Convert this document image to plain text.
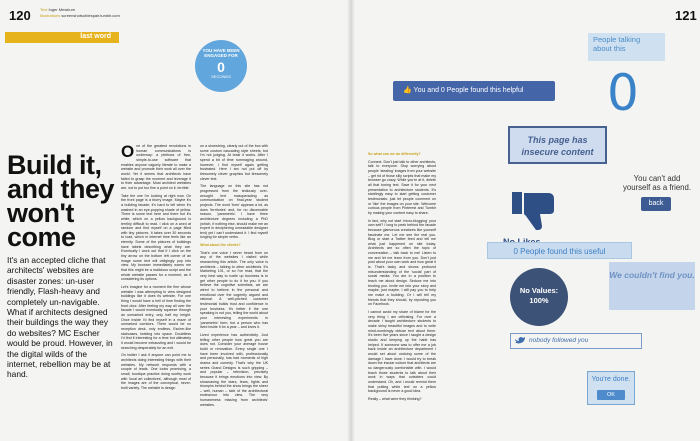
120 Text Inger Mewburn
Illustrations screenshotsofdespair.tumblr.com
last word
YOU HAVE BEEN ENGAGED FOR
0
SECONDS
Build it, and they won't come
It's an accepted cliche that architects' websites are disaster zones: un-user friendly, Flash-heavy and completely un-navigable. What if architects designed their buildings the way they do websites? MC Escher would be proud. However, in the digital wilds of the internet, rebellion may be at hand.
O ne of the greatest revolutions in human communications is underway: a plethora of free, simple-to-use software that enables anyone vaguely literate to make a website and promote their work all over the world. Yet it seems that architects have failed to grasp the moment and leverage it to their advantage. Most architect websites are, not to put too fine a point on it, terrible.

Take the one I'm looking at right now. On the front page is a blurry image. Maybe it's a building facade; it's hard to tell when it's washed in an eye-popping shade of yellow. There is some text here and there but it's white, which on a yellow background is terribly difficult to read. I click on a word at random and find myself on a page filled with tiny pictures. It takes over 30 seconds to load, which in internet time feels like an eternity. Some of the pictures of buildings have labels describing what they are. Eventually I work out that if I click on the tiny arrow on the bottom left corner of an image some text will obligingly pop into view. My browser immediately warns me that this might be a malicious script and the whole website passes for a moment, as if considering its options.

Let's imagine for a moment the firm whose website I was attempting to view designed buildings like it does its website. For one thing I would have a hell of time finding the front door. After feeling my way all over the facade I would eventually squeeze through an unmarked entry, only half my height. Once inside I'd find myself in a maze of unmarked corridors. There would be no reception desk, only endless, Escher-like staircases, twisting into space. Doubtless I'd find it interesting for a time but ultimately it would become exhausting and I would be searching desperately for an exit.

On twitter I ask if anyone can point me to architects doing interesting things with their websites. My network responds with a couple of leads. One looks promising, a small, boutique practice doing worthy work with 'local art collectives', although most of the images are of the conceptual, never-built variety. The website is design

on a shoestring, clearly out of the box with some custom cascading style sheets, but I'm not judging. At least it works. After I spend a bit of time rummaging around, however, I find myself again getting frustrated. Here I am not put off by tiresomely clever graphics but tiresomely clever text.

The language on this site has not progressed from the tediously over-wrought text masquerading as communication on final-year student projects. The word 'form' appears a lot, as does 'territories' and, for no discernable reason, 'parametric'. I have three architecture degrees including a PhD (which, if nothing else, should make me an expert in deciphering unreadable designer text) yet I can't understand it. I find myself longing for simple verbs.

What about the clients?

That's one voice I never heard from on any of the websites I visited while researching this article. The only voice is architects – talking to other architects. It's Marketing 101, or so I've read, that the very best way to rustle up business is to get other people to do it for you. If you believe the cognitive scientists, we are wired to believe in the personal and emotional over the cogently argued and rational. A well-pitched customer testimonial builds trust and confidence in your business. It's better if the one speaking is not you, telling the world about your interesting experiments in 'parametric' form, but a person who has lived inside it for a year – and loves it.

Lived experience has authenticity. Just telling other people how great you are does not. Consider your average house build or renovation. Every single one I have been involved with, professionally and personally, has had moments of high drama and comedy. That's why the UK series Grand Designs is such gripping – and popular – television, precisely because it brings emotions into view. By showcasing the tears, fears, fights and triumphs behind the show brings the sheer – well, human – side of the architectural endeavour into view. The very humaneness missing from architects' websites.

121

So what can we do differently?

Connect. Don't just talk to other architects, talk to everyone. Stop worrying about people 'stealing' images from your website – get rid of those silly scripts that make my browser go crazy. While you're at it, delete all that boring text. Save it for your next presentation to architecture students. It's startlingly easy to start getting customer testimonials: just let people comment on or 'like' the images on your site. Welcome curious people from Pinterest and Tumblr by making your content easy to share.

In fact, why not start 'micro-blogging' your own self? I long to peek behind the facade because glamorous creatures like yourself fascinate me. Let me see the real you. Blog or start a Twitter feed and tell me what just happened on site today. Architects are so often the topic of conversation – talk back to me! Listen to me and let me learn from you. Don't just post about your own work and how great it is. That's tacky and shows profound misunderstanding of the 'social' part of social media. You are in a position to teach me about design. Seduce me into trusting you. Invite me into your story and maybe, just maybe, I will pay you to help me make a building. Or I will tell my friends that they should, by reposting you on Facebook.

I cannot avoid my share of blame for the very thing I am criticising. For over a decade I taught architecture students to make shiny beautiful images and to write mind-numbingly obtuse text about them. It's been five years since I taught a design studio and keeping up the habit has helped. If someone was to offer me a job back inside an architecture department I would set about undoing some of the damage I have done. I would try to break down the insular culture that architects are so dangerously comfortable with. I would teach those students to talk about their work in ways that outsiders could understand. Oh, and I would remind them that putting white text on a yellow background is never a good idea.

Really – what were they thinking?

People talking about this
👍 You and 0 People found this helpful	0
This page has insecure content
You can't add yourself as a friend.
back
0 People found this useful
No Values: 100%
We couldn't find you.
nobody followed you
You're done.
OK
